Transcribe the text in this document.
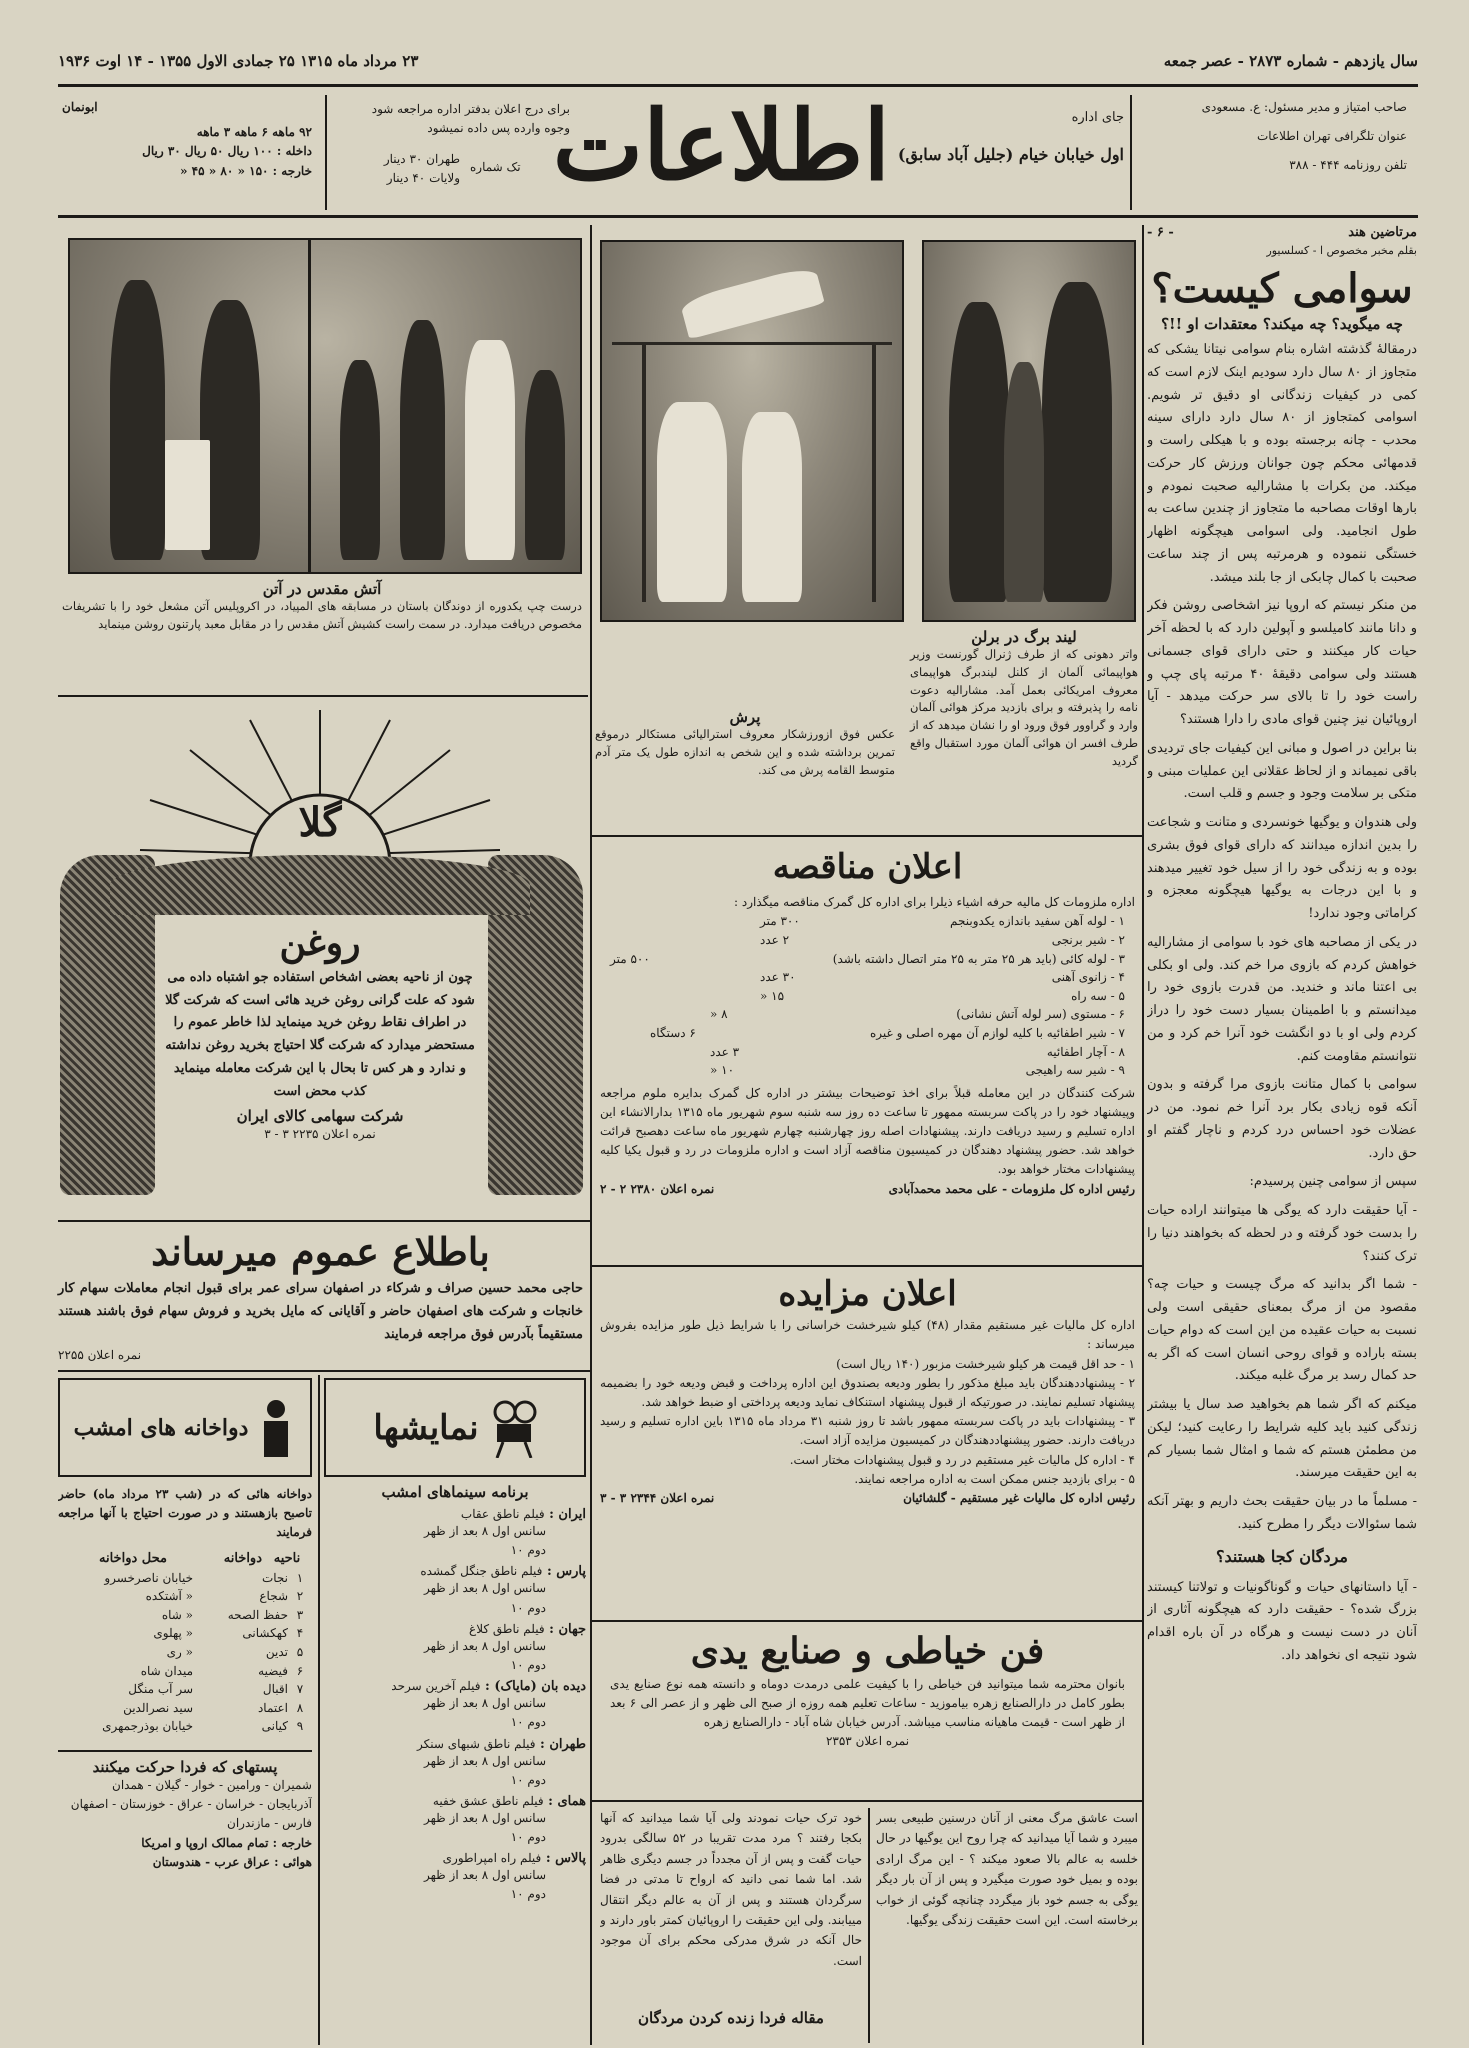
سال یازدهم - شماره ۲۸۷۳ - عصر جمعه
۲۳ مرداد ماه ۱۳۱۵ ۲۵ جمادی الاول ۱۳۵۵ - ۱۴ اوت ۱۹۳۶
صاحب امتیاز و مدیر مسئول: ع. مسعودی
عنوان تلگرافی تهران اطلاعات
تلفن روزنامه ۴۴۴ - ۳۸۸
جای اداره
اول خیابان خیام (جلیل آباد سابق)
اطلاعات
تک شماره
طهران ۳۰ دینار
ولایات ۴۰ دینار
برای درج اعلان بدفتر اداره مراجعه شود
وجوه وارده پس داده نمیشود
ابونمان
۹۲ ماهه ۶ ماهه ۳ ماهه
داخله : ۱۰۰ ریال ۵۰ ریال ۳۰ ریال
خارجه : ۱۵۰ « ۸۰ « ۴۵ «
مرتاضین هند
- ۶ -
بقلم مخبر مخصوص ا - کسلسیور
سوامی کیست؟
چه میگوید؟ چه میکند؟ معتقدات او !!؟

درمقالهٔ گذشته اشاره بنام سوامی نیتانا یشکی که متجاوز از ۸۰ سال دارد سودیم اینک لازم است که کمی در کیفیات زندگانی او دقیق تر شویم. اسوامی کمتجاوز از ۸۰ سال دارد دارای سینه محدب - چانه برجسته بوده و با هیکلی راست و قدمهائی محکم چون جوانان ورزش کار حرکت میکند. من بکرات با مشارالیه صحبت نمودم و بارها اوقات مصاحبه ما متجاوز از چندین ساعت به طول انجامید. ولی اسوامی هیچگونه اظهار خستگی ننموده و هرمرتبه پس از چند ساعت صحبت با کمال چابکی از جا بلند میشد.

من منکر نیستم که اروپا نیز اشخاصی روشن فکر و دانا مانند کامیلسو و آپولین دارد که با لحظه آخر حیات کار میکنند و حتی دارای قوای جسمانی هستند ولی سوامی دقیقهٔ ۴۰ مرتبه پای چپ و راست خود را تا بالای سر حرکت میدهد - آیا اروپائیان نیز چنین قوای مادی را دارا هستند؟

بنا براین در اصول و مبانی این کیفیات جای تردیدی باقی نمیماند و از لحاظ عقلانی این عملیات مبنی و متکی بر سلامت وجود و جسم و قلب است.

ولی هندوان و یوگیها خونسردی و متانت و شجاعت را بدین اندازه میدانند که دارای قوای فوق بشری بوده و به زندگی خود را از سیل خود تغییر میدهند و با این درجات به یوگیها هیچگونه معجزه و کراماتی وجود ندارد!

در یکی از مصاحبه های خود با سوامی از مشارالیه خواهش کردم که بازوی مرا خم کند. ولی او بکلی بی اعتنا ماند و خندید. من قدرت بازوی خود را میدانستم و با اطمینان بسیار دست خود را دراز کردم ولی او با دو انگشت خود آنرا خم کرد و من نتوانستم مقاومت کنم.

سوامی با کمال متانت بازوی مرا گرفته و بدون آنکه قوه زیادی بکار برد آنرا خم نمود. من در عضلات خود احساس درد کردم و ناچار گفتم او حق دارد.

سپس از سوامی چنین پرسیدم:

- آیا حقیقت دارد که یوگی ها میتوانند اراده حیات را بدست خود گرفته و در لحظه که بخواهند دنیا را ترک کنند؟

- شما اگر بدانید که مرگ چیست و حیات چه؟ مقصود من از مرگ بمعنای حقیقی است ولی نسبت به حیات عقیده من این است که دوام حیات بسته باراده و قوای روحی انسان است که اگر به حد کمال رسد بر مرگ غلبه میکند.

میکنم که اگر شما هم بخواهید صد سال یا بیشتر زندگی کنید باید کلیه شرایط را رعایت کنید؛ لیکن من مطمئن هستم که شما و امثال شما بسیار کم به این حقیقت میرسند.

- مسلماً ما در بیان حقیقت بحث داریم و بهتر آنکه شما سئوالات دیگر را مطرح کنید.

مردگان کجا هستند؟

- آیا داستانهای حیات و گوناگونیات و تولاتنا کیستند بزرگ شده؟ - حقیقت دارد که هیچگونه آثاری از آنان در دست نیست و هرگاه در آن باره اقدام شود نتیجه ای نخواهد داد.

لیند برگ در برلن
واتر دهونی که از طرف ژنرال گورنست وزیر هواپیمائی آلمان از کلنل لیندبرگ هواپیمای معروف امریکائی بعمل آمد. مشارالیه دعوت نامه را پذیرفته و برای بازدید مرکز هوائی آلمان وارد و گراوور فوق ورود او را نشان میدهد که از طرف افسر ان هوائی آلمان مورد استقبال واقع گردید
پرش
عکس فوق ازورزشکار معروف استرالیائی مستکالر درموقع تمرین برداشته شده و این شخص به اندازه طول یک متر آدم متوسط القامه پرش می کند.
آتش مقدس در آتن
درست چپ یکدوره از دوندگان باستان در مسابقه های المپیاد، در اکروپلیس آتن مشعل خود را با تشریفات مخصوص دریافت میدارد. در سمت راست کشیش آتش مقدس را در مقابل معبد پارتنون روشن مینماید
گلا
روغن
چون از ناحیه بعضی اشخاص استفاده جو اشتباه داده می شود که علت گرانی روغن خرید هائی است که شرکت گلا در اطراف نقاط روغن خرید مینماید لذا خاطر عموم را مستحضر میدارد که شرکت گلا احتیاج بخرید روغن نداشته و ندارد و هر کس تا بحال با این شرکت معامله مینماید کذب محض است
شرکت سهامی کالای ایران
نمره اعلان ۲۲۳۵ ۳ - ۳
باطلاع عموم میرساند
حاجی محمد حسین صراف و شرکاء در اصفهان سرای عمر برای قبول انجام معاملات سهام کار خانجات و شرکت های اصفهان حاضر و آقایانی که مایل بخرید و فروش سهام فوق باشند هستند مستقیماً بآدرس فوق مراجعه فرمایند
نمره اعلان ۲۲۵۵
نمایشها
برنامه سینماهای امشب
ایران : فیلم ناطق عقاب
سانس اول ۸ بعد از ظهر
دوم ۱۰
پارس : فیلم ناطق جنگل گمشده
سانس اول ۸ بعد از ظهر
دوم ۱۰
جهان : فیلم ناطق کلاغ
سانس اول ۸ بعد از ظهر
دوم ۱۰
دیده بان (مایاک) : فیلم آخرین سرحد
سانس اول ۸ بعد از ظهر
دوم ۱۰
طهران : فیلم ناطق شبهای سنکر
سانس اول ۸ بعد از ظهر
دوم ۱۰
همای : فیلم ناطق عشق خفیه
سانس اول ۸ بعد از ظهر
دوم ۱۰
پالاس : فیلم راه امپراطوری
سانس اول ۸ بعد از ظهر
دوم ۱۰
دواخانه های امشب
دواخانه هائی که در (شب ۲۳ مرداد ماه) حاضر تاصبح بازهستند و در صورت احتیاج با آنها مراجعه فرمایند
ناحیه
دواخانه
محل دواخانه
۱
نجات
خیابان ناصرخسرو
۲
شجاع
« آشتکده
۳
حفظ الصحه
« شاه
۴
کهکشانی
« پهلوی
۵
تدین
« ری
۶
فیضیه
میدان شاه
۷
اقبال
سر آب منگل
۸
اعتماد
سید نصرالدین
۹
کیانی
خیابان بوذرجمهری
پستهای که فردا حرکت میکنند
شمیران - ورامین - خوار - گیلان - همدان
آذربایجان - خراسان - عراق - خوزستان - اصفهان
فارس - مازندران
خارجه : تمام ممالک اروپا و امریکا
هوائی : عراق عرب - هندوستان
اعلان مناقصه
اداره ملزومات کل مالیه حرفه اشیاء ذیلرا برای اداره کل گمرک مناقصه میگذارد :
۱ - لوله آهن سفید باندازه یکدوبنجم
۳۰۰ متر
۲ - شیر برنجی
۲ عدد
۳ - لوله کائی (باید هر ۲۵ متر به ۲۵ متر اتصال داشته باشد)
۵۰۰ متر
۴ - زانوی آهنی
۳۰ عدد
۵ - سه راه
۱۵ «
۶ - مستوی (سر لوله آتش نشانی)
۸ «
۷ - شیر اطفائیه با کلیه لوازم آن مهره اصلی و غیره
۶ دستگاه
۸ - آچار اطفائیه
۳ عدد
۹ - شیر سه راهیجی
۱۰ «
شرکت کنندگان در این معامله قبلاً برای اخذ توضیحات بیشتر در اداره کل گمرک بدایره ملوم مراجعه وپیشنهاد خود را در پاکت سربسته ممهور تا ساعت ده روز سه شنبه سوم شهریور ماه ۱۳۱۵ بدارالانشاء این اداره تسلیم و رسید دریافت دارند. پیشنهادات اصله روز چهارشنبه چهارم شهریور ماه ساعت دهصبح قرائت خواهد شد. حضور پیشنهاد دهندگان در کمیسیون مناقصه آزاد است و اداره ملزومات در رد و قبول یکیا کلیه پیشنهادات مختار خواهد بود.
رئیس اداره کل ملزومات - علی محمد محمدآبادی
نمره اعلان ۲۳۸۰ ۲ - ۲
اعلان مزایده
اداره کل مالیات غیر مستقیم مقدار (۴۸) کیلو شیرخشت خراسانی را با شرایط ذیل طور مزایده بفروش میرساند :
۱ - حد اقل قیمت هر کیلو شیرخشت مزبور (۱۴۰ ریال است)
۲ - پیشنهاددهندگان باید مبلغ مذکور را بطور ودیعه بصندوق این اداره پرداخت و قبض ودیعه خود را بضمیمه پیشنهاد تسلیم نمایند. در صورتیکه از قبول پیشنهاد استنکاف نماید ودیعه پرداختی او ضبط خواهد شد.
۳ - پیشنهادات باید در پاکت سربسته ممهور باشد تا روز شنبه ۳۱ مرداد ماه ۱۳۱۵ باین اداره تسلیم و رسید دریافت دارند. حضور پیشنهاددهندگان در کمیسیون مزایده آزاد است.
۴ - اداره کل مالیات غیر مستقیم در رد و قبول پیشنهادات مختار است.
۵ - برای بازدید جنس ممکن است به اداره مراجعه نمایند.
رئیس اداره کل مالیات غیر مستقیم - گلشائیان
نمره اعلان ۲۳۴۴ ۳ - ۳
فن خیاطی و صنایع یدی
بانوان محترمه شما میتوانید فن خیاطی را با کیفیت علمی درمدت دوماه و دانسته همه نوع صنایع یدی بطور کامل در دارالصنایع زهره بیاموزید - ساعات تعلیم همه روزه از صبح الی ظهر و از عصر الی ۶ بعد از ظهر است - قیمت ماهیانه مناسب میباشد. آدرس خیابان شاه آباد - دارالصنایع زهره
نمره اعلان ۲۳۵۳
است عاشق مرگ معنی از آنان درسنین طبیعی بسر میبرد و شما آیا میدانید که چرا روح این یوگیها در حال خلسه به عالم بالا صعود میکند ؟ - این مرگ ارادی بوده و بمیل خود صورت میگیرد و پس از آن بار دیگر یوگی به جسم خود باز میگردد چنانچه گوئی از خواب برخاسته است. این است حقیقت زندگی یوگیها.
خود ترک حیات نمودند ولی آیا شما میدانید که آنها بکجا رفتند ؟ مرد مدت تقریبا در ۵۲ سالگی بدرود حیات گفت و پس از آن مجدداً در جسم دیگری ظاهر شد. اما شما نمی دانید که ارواح تا مدتی در فضا سرگردان هستند و پس از آن به عالم دیگر انتقال مییابند. ولی این حقیقت را اروپائیان کمتر باور دارند و حال آنکه در شرق مدرکی محکم برای آن موجود است.
مقاله فردا زنده کردن مردگان
